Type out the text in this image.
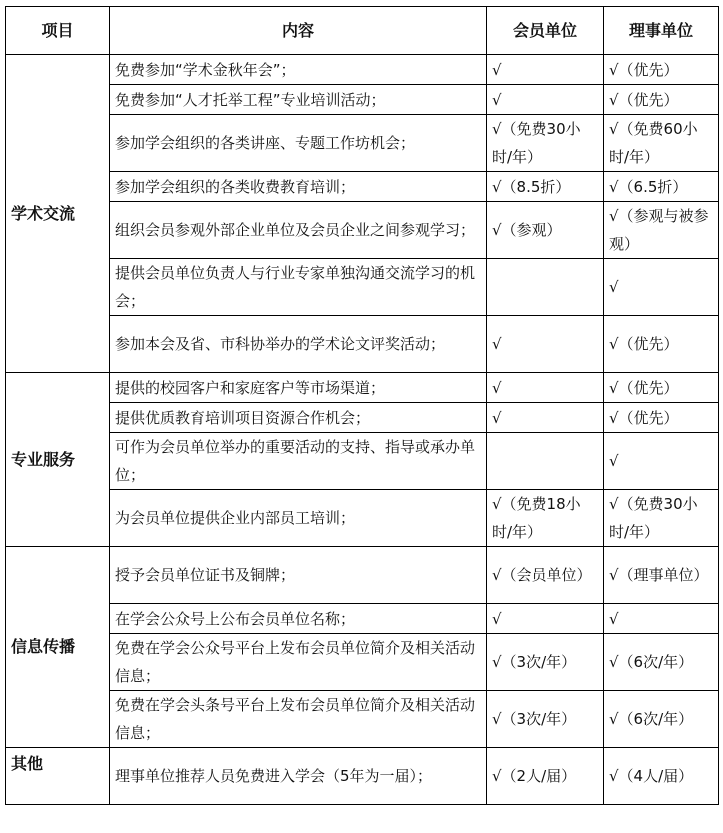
项目	内容	会员单位	理事单位
学术交流	免费参加“学术金秋年会”；	√	√（优先）
	免费参加“人才托举工程”专业培训活动；	√	√（优先）
	参加学会组织的各类讲座、专题工作坊机会；	√（免费30小时/年）	√（免费60小时/年）
	参加学会组织的各类收费教育培训；	√（8.5折）	√（6.5折）
	组织会员参观外部企业单位及会员企业之间参观学习；	√（参观）	√（参观与被参观）
	提供会员单位负责人与行业专家单独沟通交流学习的机会；		√
	参加本会及省、市科协举办的学术论文评奖活动；	√	√（优先）
专业服务	提供的校园客户和家庭客户等市场渠道；	√	√（优先）
	提供优质教育培训项目资源合作机会；	√	√（优先）
	可作为会员单位举办的重要活动的支持、指导或承办单位；		√
	为会员单位提供企业内部员工培训；	√（免费18小时/年）	√（免费30小时/年）
信息传播	授予会员单位证书及铜牌；	√（会员单位）	√（理事单位）
	在学会公众号上公布会员单位名称；	√	√
	免费在学会公众号平台上发布会员单位简介及相关活动信息；	√（3次/年）	√（6次/年）
	免费在学会头条号平台上发布会员单位简介及相关活动信息；	√（3次/年）	√（6次/年）
其他	理事单位推荐人员免费进入学会（5年为一届）；	√（2人/届）	√（4人/届）
